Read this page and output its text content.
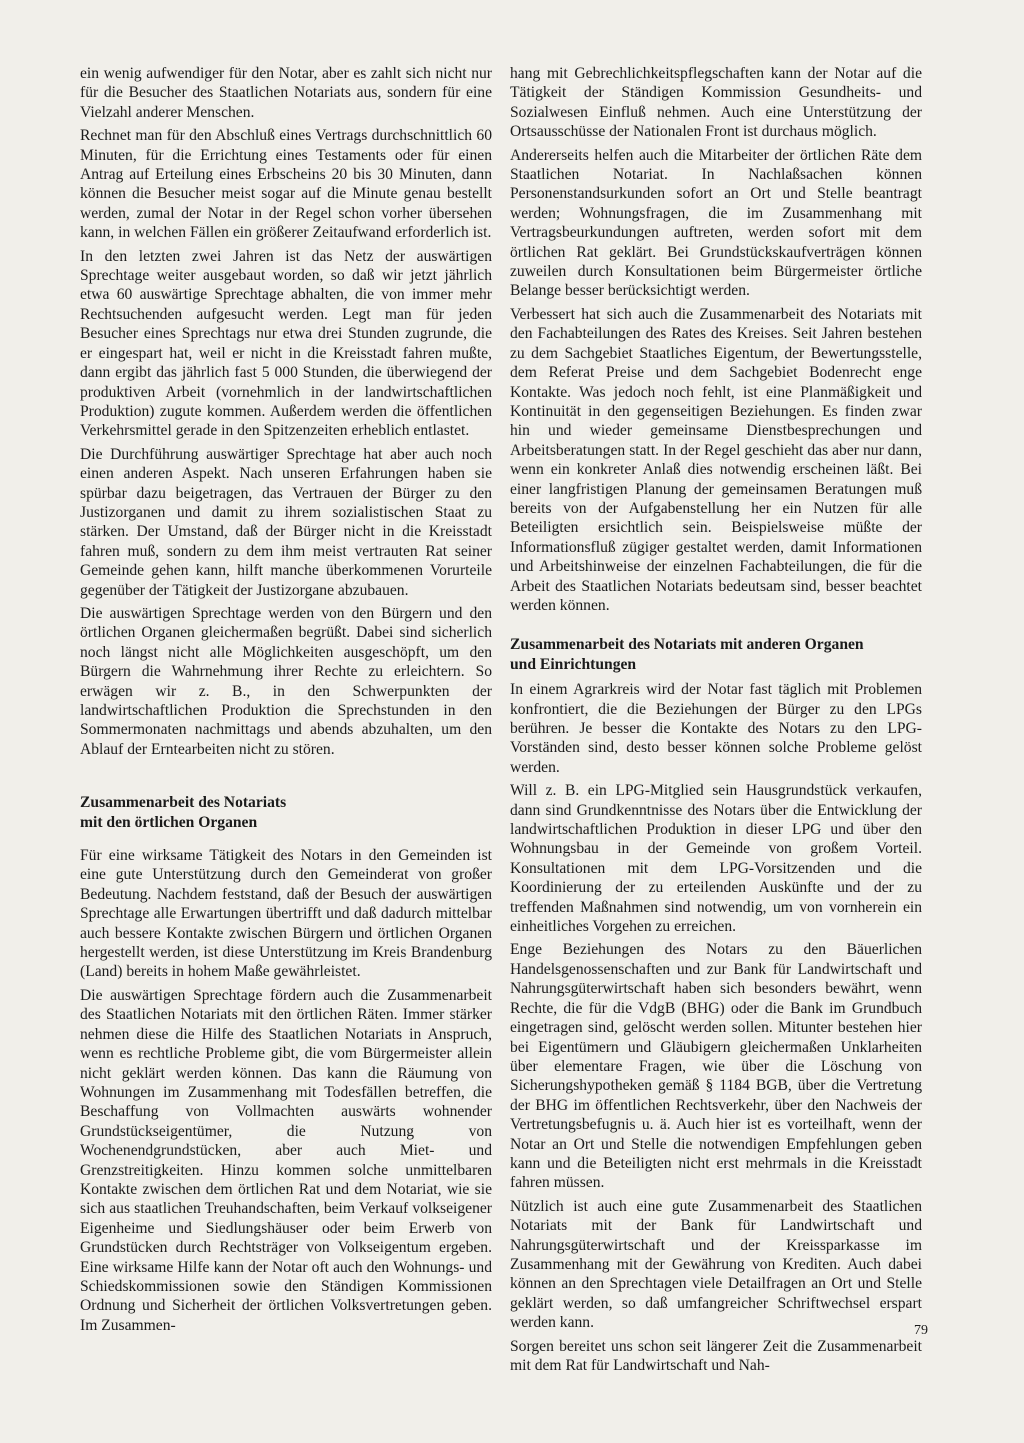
ein wenig aufwendiger für den Notar, aber es zahlt sich nicht nur für die Besucher des Staatlichen Notariats aus, sondern für eine Vielzahl anderer Menschen.

Rechnet man für den Abschluß eines Vertrags durchschnittlich 60 Minuten, für die Errichtung eines Testaments oder für einen Antrag auf Erteilung eines Erbscheins 20 bis 30 Minuten, dann können die Besucher meist sogar auf die Minute genau bestellt werden, zumal der Notar in der Regel schon vorher übersehen kann, in welchen Fällen ein größerer Zeitaufwand erforderlich ist.

In den letzten zwei Jahren ist das Netz der auswärtigen Sprechtage weiter ausgebaut worden, so daß wir jetzt jährlich etwa 60 auswärtige Sprechtage abhalten, die von immer mehr Rechtsuchenden aufgesucht werden. Legt man für jeden Besucher eines Sprechtags nur etwa drei Stunden zugrunde, die er eingespart hat, weil er nicht in die Kreisstadt fahren mußte, dann ergibt das jährlich fast 5 000 Stunden, die überwiegend der produktiven Arbeit (vornehmlich in der landwirtschaftlichen Produktion) zugute kommen. Außerdem werden die öffentlichen Verkehrsmittel gerade in den Spitzenzeiten erheblich entlastet.

Die Durchführung auswärtiger Sprechtage hat aber auch noch einen anderen Aspekt. Nach unseren Erfahrungen haben sie spürbar dazu beigetragen, das Vertrauen der Bürger zu den Justizorganen und damit zu ihrem sozialistischen Staat zu stärken. Der Umstand, daß der Bürger nicht in die Kreisstadt fahren muß, sondern zu dem ihm meist vertrauten Rat seiner Gemeinde gehen kann, hilft manche überkommenen Vorurteile gegenüber der Tätigkeit der Justizorgane abzubauen.

Die auswärtigen Sprechtage werden von den Bürgern und den örtlichen Organen gleichermaßen begrüßt. Dabei sind sicherlich noch längst nicht alle Möglichkeiten ausgeschöpft, um den Bürgern die Wahrnehmung ihrer Rechte zu erleichtern. So erwägen wir z. B., in den Schwerpunkten der landwirtschaftlichen Produktion die Sprechstunden in den Sommermonaten nachmittags und abends abzuhalten, um den Ablauf der Erntearbeiten nicht zu stören.

Zusammenarbeit des Notariats
mit den örtlichen Organen

Für eine wirksame Tätigkeit des Notars in den Gemeinden ist eine gute Unterstützung durch den Gemeinderat von großer Bedeutung. Nachdem feststand, daß der Besuch der auswärtigen Sprechtage alle Erwartungen übertrifft und daß dadurch mittelbar auch bessere Kontakte zwischen Bürgern und örtlichen Organen hergestellt werden, ist diese Unterstützung im Kreis Brandenburg (Land) bereits in hohem Maße gewährleistet.

Die auswärtigen Sprechtage fördern auch die Zusammenarbeit des Staatlichen Notariats mit den örtlichen Räten. Immer stärker nehmen diese die Hilfe des Staatlichen Notariats in Anspruch, wenn es rechtliche Probleme gibt, die vom Bürgermeister allein nicht geklärt werden können. Das kann die Räumung von Wohnungen im Zusammenhang mit Todesfällen betreffen, die Beschaffung von Vollmachten auswärts wohnender Grundstückseigentümer, die Nutzung von Wochenendgrundstücken, aber auch Miet- und Grenzstreitigkeiten. Hinzu kommen solche unmittelbaren Kontakte zwischen dem örtlichen Rat und dem Notariat, wie sie sich aus staatlichen Treuhandschaften, beim Verkauf volkseigener Eigenheime und Siedlungshäuser oder beim Erwerb von Grundstücken durch Rechtsträger von Volkseigentum ergeben. Eine wirksame Hilfe kann der Notar oft auch den Wohnungs- und Schiedskommissionen sowie den Ständigen Kommissionen Ordnung und Sicherheit der örtlichen Volksvertretungen geben. Im Zusammen-

hang mit Gebrechlichkeitspflegschaften kann der Notar auf die Tätigkeit der Ständigen Kommission Gesundheits- und Sozialwesen Einfluß nehmen. Auch eine Unterstützung der Ortsausschüsse der Nationalen Front ist durchaus möglich.

Andererseits helfen auch die Mitarbeiter der örtlichen Räte dem Staatlichen Notariat. In Nachlaßsachen können Personenstandsurkunden sofort an Ort und Stelle beantragt werden; Wohnungsfragen, die im Zusammenhang mit Vertragsbeurkundungen auftreten, werden sofort mit dem örtlichen Rat geklärt. Bei Grundstückskaufverträgen können zuweilen durch Konsultationen beim Bürgermeister örtliche Belange besser berücksichtigt werden.

Verbessert hat sich auch die Zusammenarbeit des Notariats mit den Fachabteilungen des Rates des Kreises. Seit Jahren bestehen zu dem Sachgebiet Staatliches Eigentum, der Bewertungsstelle, dem Referat Preise und dem Sachgebiet Bodenrecht enge Kontakte. Was jedoch noch fehlt, ist eine Planmäßigkeit und Kontinuität in den gegenseitigen Beziehungen. Es finden zwar hin und wieder gemeinsame Dienstbesprechungen und Arbeitsberatungen statt. In der Regel geschieht das aber nur dann, wenn ein konkreter Anlaß dies notwendig erscheinen läßt. Bei einer langfristigen Planung der gemeinsamen Beratungen muß bereits von der Aufgabenstellung her ein Nutzen für alle Beteiligten ersichtlich sein. Beispielsweise müßte der Informationsfluß zügiger gestaltet werden, damit Informationen und Arbeitshinweise der einzelnen Fachabteilungen, die für die Arbeit des Staatlichen Notariats bedeutsam sind, besser beachtet werden können.

Zusammenarbeit des Notariats mit anderen Organen
und Einrichtungen

In einem Agrarkreis wird der Notar fast täglich mit Problemen konfrontiert, die die Beziehungen der Bürger zu den LPGs berühren. Je besser die Kontakte des Notars zu den LPG-Vorständen sind, desto besser können solche Probleme gelöst werden.

Will z. B. ein LPG-Mitglied sein Hausgrundstück verkaufen, dann sind Grundkenntnisse des Notars über die Entwicklung der landwirtschaftlichen Produktion in dieser LPG und über den Wohnungsbau in der Gemeinde von großem Vorteil. Konsultationen mit dem LPG-Vorsitzenden und die Koordinierung der zu erteilenden Auskünfte und der zu treffenden Maßnahmen sind notwendig, um von vornherein ein einheitliches Vorgehen zu erreichen.

Enge Beziehungen des Notars zu den Bäuerlichen Handelsgenossenschaften und zur Bank für Landwirtschaft und Nahrungsgüterwirtschaft haben sich besonders bewährt, wenn Rechte, die für die VdgB (BHG) oder die Bank im Grundbuch eingetragen sind, gelöscht werden sollen. Mitunter bestehen hier bei Eigentümern und Gläubigern gleichermaßen Unklarheiten über elementare Fragen, wie über die Löschung von Sicherungshypotheken gemäß § 1184 BGB, über die Vertretung der BHG im öffentlichen Rechtsverkehr, über den Nachweis der Vertretungsbefugnis u. ä. Auch hier ist es vorteilhaft, wenn der Notar an Ort und Stelle die notwendigen Empfehlungen geben kann und die Beteiligten nicht erst mehrmals in die Kreisstadt fahren müssen.

Nützlich ist auch eine gute Zusammenarbeit des Staatlichen Notariats mit der Bank für Landwirtschaft und Nahrungsgüterwirtschaft und der Kreissparkasse im Zusammenhang mit der Gewährung von Krediten. Auch dabei können an den Sprechtagen viele Detailfragen an Ort und Stelle geklärt werden, so daß umfangreicher Schriftwechsel erspart werden kann.

Sorgen bereitet uns schon seit längerer Zeit die Zusammenarbeit mit dem Rat für Landwirtschaft und Nah-

79
